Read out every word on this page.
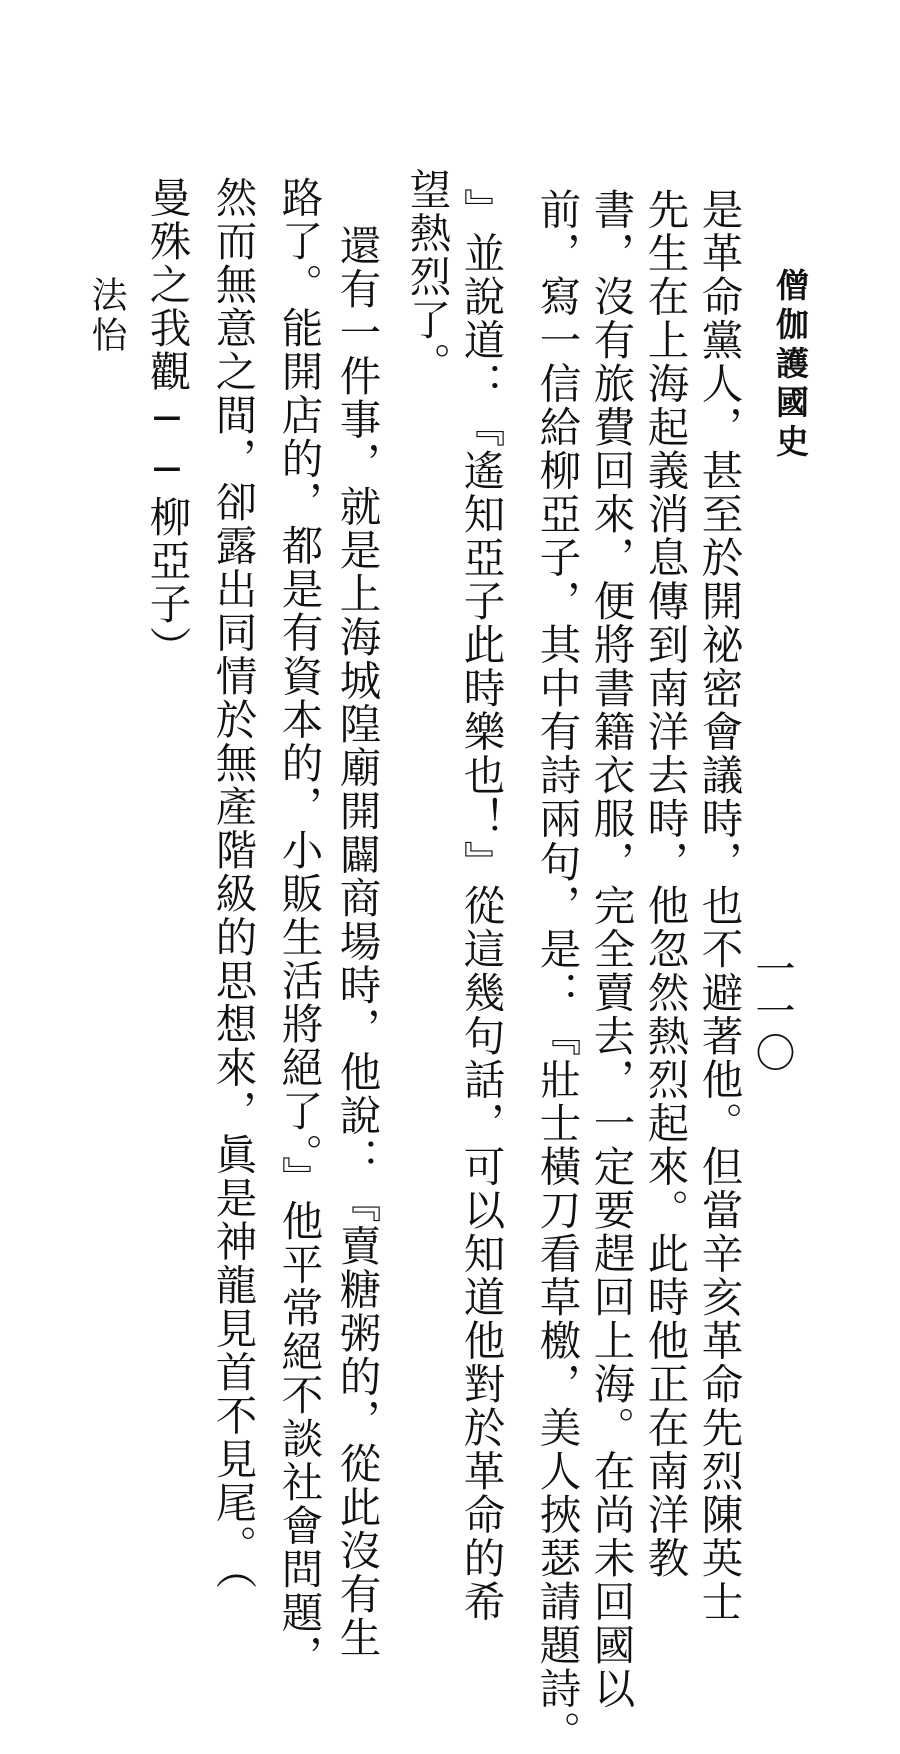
僧伽護國史
一一〇
是革命黨人，甚至於開祕密會議時，也不避著他。但當辛亥革命先烈陳英士
先生在上海起義消息傳到南洋去時，他忽然熱烈起來。此時他正在南洋教
書，沒有旅費回來，便將書籍衣服，完全賣去，一定要趕回上海。在尚未回國以
前，寫一信給柳亞子，其中有詩兩句，是：『壯士橫刀看草檄，美人挾瑟請題詩。
』並說道：『遙知亞子此時樂也！』從這幾句話，可以知道他對於革命的希
望熱烈了。
還有一件事，就是上海城隍廟開闢商場時，他說：『賣糖粥的，從此沒有生
路了。能開店的，都是有資本的，小販生活將絕了。』他平常絕不談社會問題，
然而無意之間，卻露出同情於無產階級的思想來，眞是神龍見首不見尾。（
曼殊之我觀──柳亞子）
法怡
